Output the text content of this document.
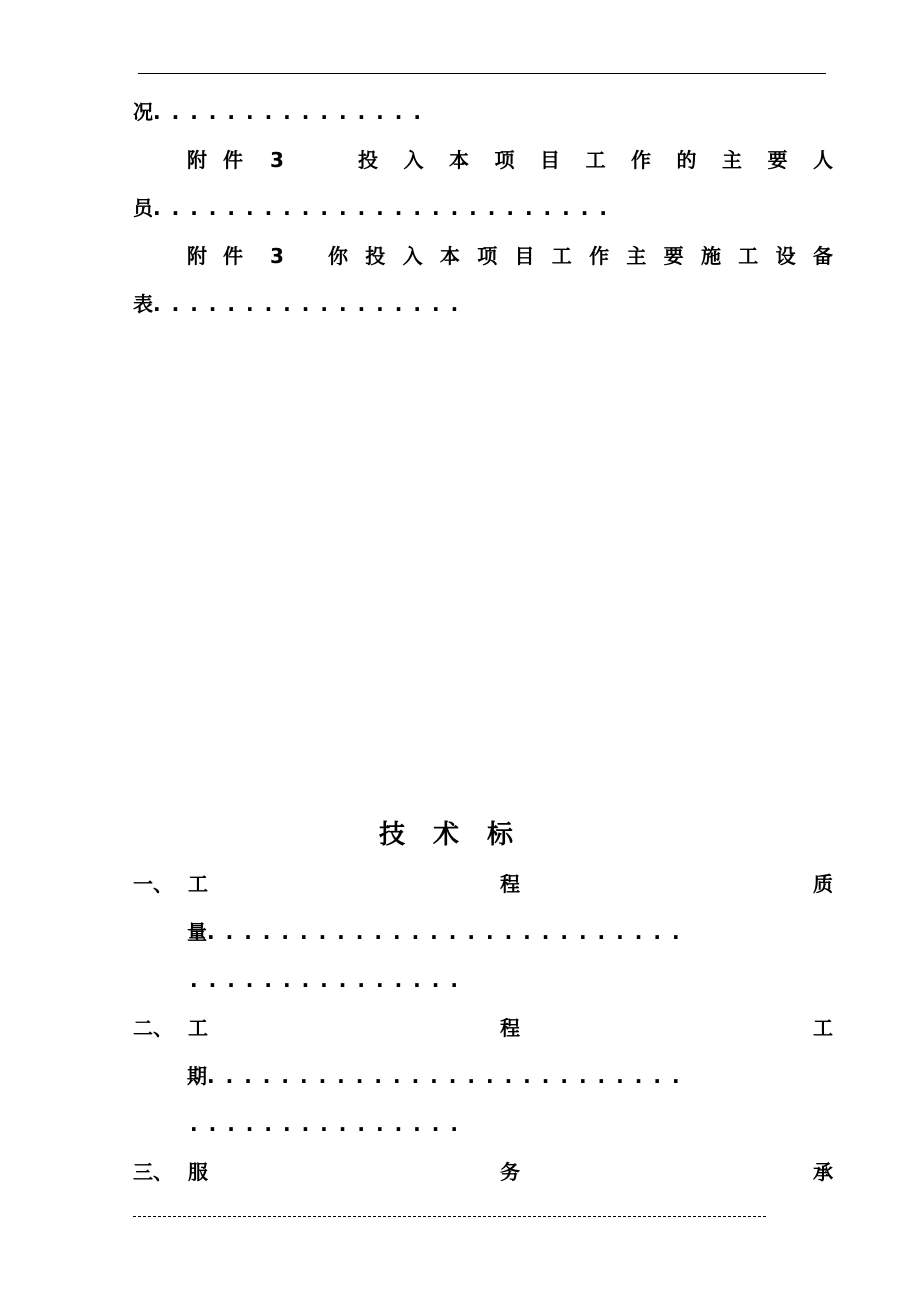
况...............
附件 3	投 入 本 项 目 工 作 的 主 要 人
员.........................
附件 3 你 投 入 本 项 目 工 作 主 要 施 工 设 备
表.................
技术标
一、 工	程	质
量..........................
...............
二、 工	程	工
期..........................
...............
三、 服	务	承
